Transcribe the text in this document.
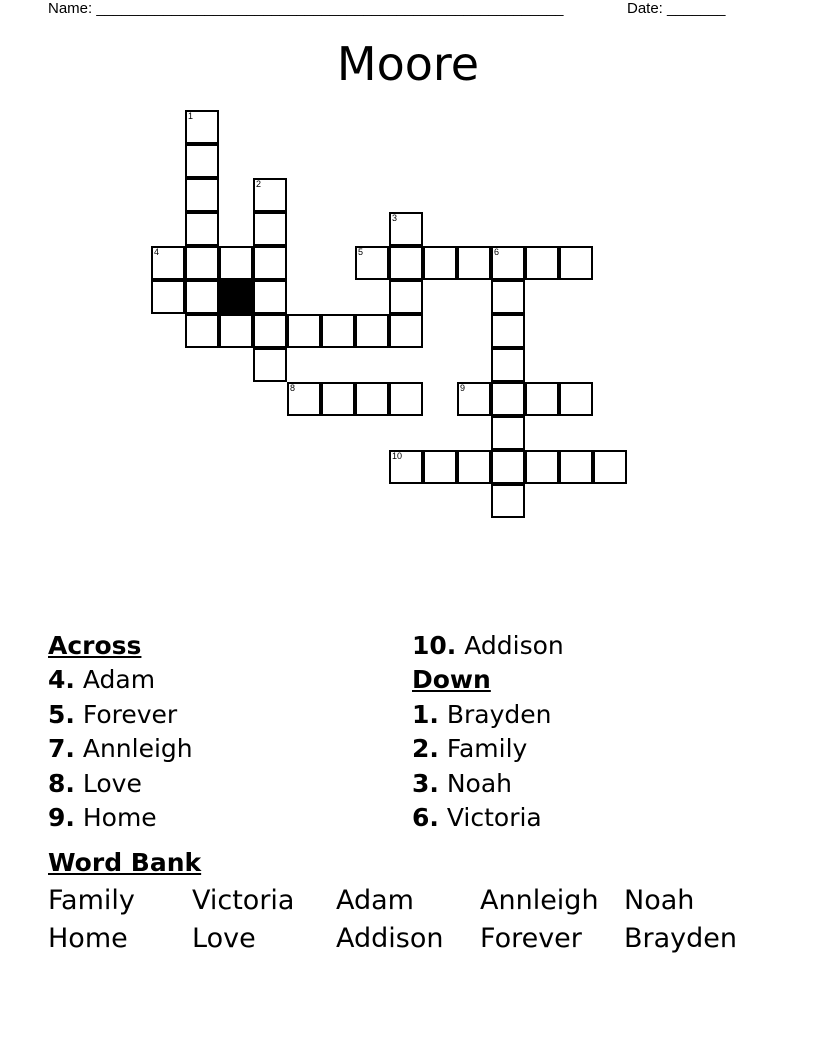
Name: ________________________________________________________	Date: _______
Moore
1
2
4
3
5	6
8	9
10
Across
4. Adam
5. Forever
7. Annleigh
8. Love
9. Home
10. Addison
Down
1. Brayden
2. Family
3. Noah
6. Victoria
Word Bank
Family Victoria Adam Annleigh Noah
Home Love	Addison Forever Brayden
